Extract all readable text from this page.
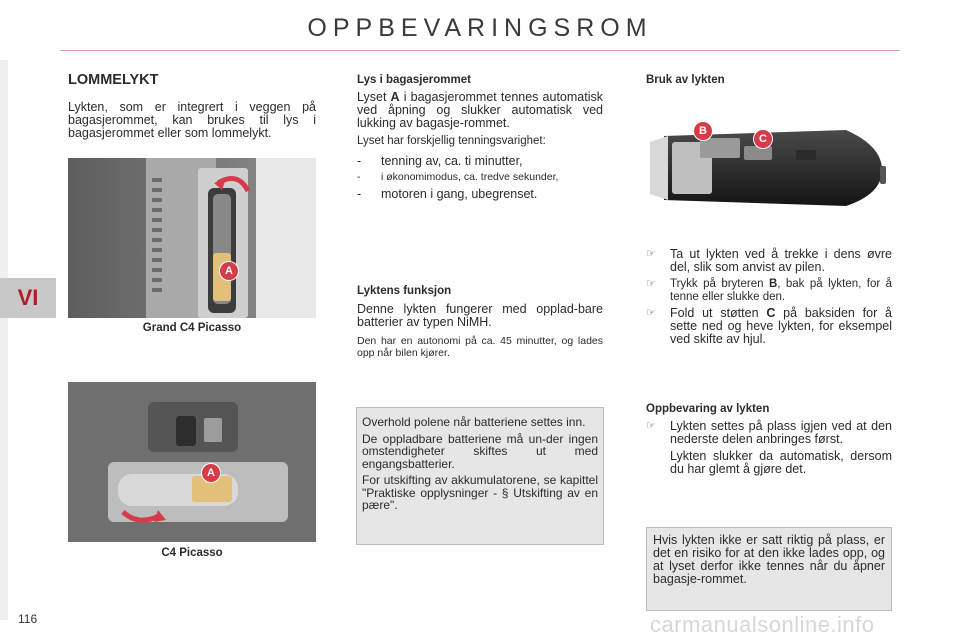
OPPBEVARINGSROM
VI
LOMMELYKT

Lykten, som er integrert i veggen på bagasjerommet, kan brukes til lys i bagasjerommet eller som lommelykt.

A
Grand C4 Picasso
A
C4 Picasso
Lys i bagasjerommet

Lyset A i bagasjerommet tennes automatisk ved åpning og slukker automatisk ved lukking av bagasje-rommet.

Lyset har forskjellig tenningsvarighet:

-	tenning av, ca. ti minutter,
-	i økonomimodus, ca. tredve sekunder,
-	motoren i gang, ubegrenset.
Lyktens funksjon

Denne lykten fungerer med opplad-bare batterier av typen NiMH.

Den har en autonomi på ca. 45 minutter, og lades opp når bilen kjører.

Overhold polene når batteriene settes inn.

De oppladbare batteriene må un-der ingen omstendigheter skiftes ut med engangsbatterier.

For utskifting av akkumulatorene, se kapittel "Praktiske opplysninger - § Utskifting av en pære".

Bruk av lykten
B
C
☞ Ta ut lykten ved å trekke i dens øvre del, slik som anvist av pilen.
☞ Trykk på bryteren B, bak på lykten, for å tenne eller slukke den.
☞ Fold ut støtten C på baksiden for å sette ned og heve lykten, for eksempel ved skifte av hjul.
Oppbevaring av lykten
☞ Lykten settes på plass igjen ved at den nederste delen anbringes først.

Lykten slukker da automatisk, dersom du har glemt å gjøre det.

Hvis lykten ikke er satt riktig på plass, er det en risiko for at den ikke lades opp, og at lyset derfor ikke tennes når du åpner bagasje-rommet.

116	carmanualsonline.info
